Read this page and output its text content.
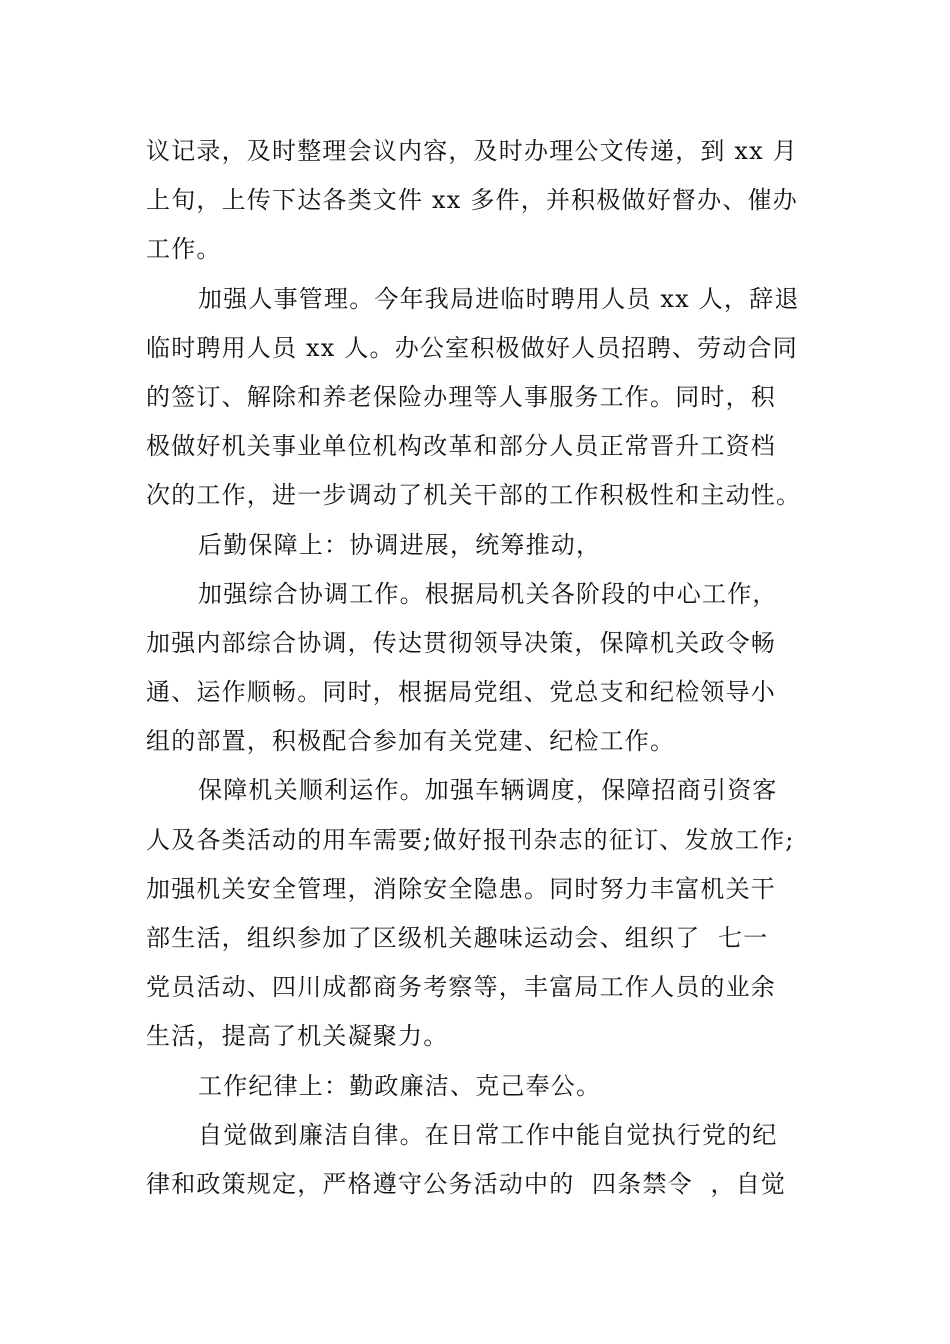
议记录，及时整理会议内容，及时办理公文传递，到 xx 月
上旬，上传下达各类文件 xx 多件，并积极做好督办、催办
工作。
加强人事管理。今年我局进临时聘用人员 xx 人，辞退
临时聘用人员 xx 人。办公室积极做好人员招聘、劳动合同
的签订、解除和养老保险办理等人事服务工作。同时，积
极做好机关事业单位机构改革和部分人员正常晋升工资档
次的工作，进一步调动了机关干部的工作积极性和主动性。
后勤保障上：协调进展，统筹推动，
加强综合协调工作。根据局机关各阶段的中心工作，
加强内部综合协调，传达贯彻领导决策，保障机关政令畅
通、运作顺畅。同时，根据局党组、党总支和纪检领导小
组的部置，积极配合参加有关党建、纪检工作。
保障机关顺利运作。加强车辆调度，保障招商引资客
人及各类活动的用车需要;做好报刊杂志的征订、发放工作;
加强机关安全管理，消除安全隐患。同时努力丰富机关干
部生活，组织参加了区级机关趣味运动会、组织了  七一
党员活动、四川成都商务考察等，丰富局工作人员的业余
生活，提高了机关凝聚力。
工作纪律上：勤政廉洁、克己奉公。
自觉做到廉洁自律。在日常工作中能自觉执行党的纪
律和政策规定，严格遵守公务活动中的  四条禁令  ，自觉
